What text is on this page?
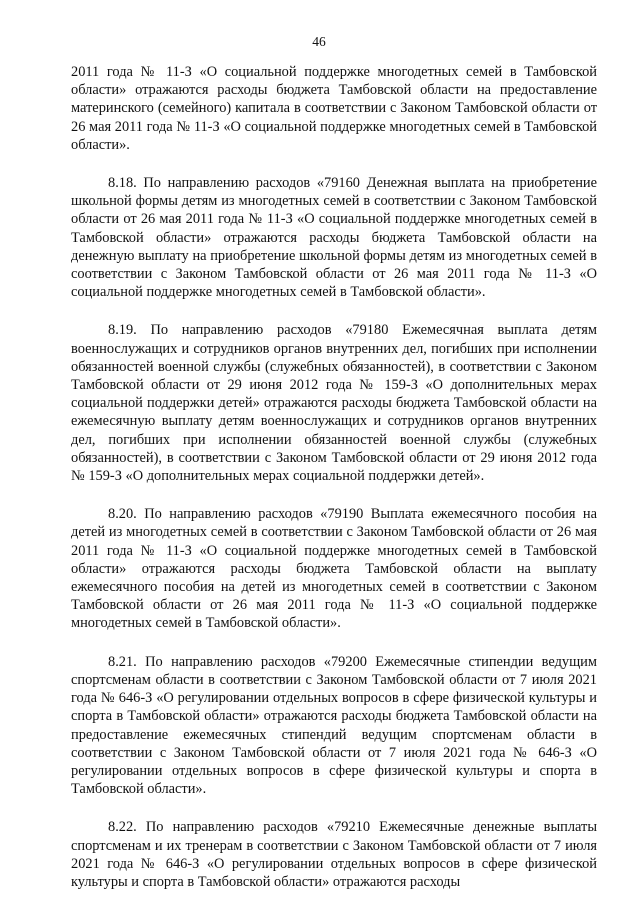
46

2011 года № 11-З «О социальной поддержке многодетных семей в Тамбовской области» отражаются расходы бюджета Тамбовской области на предоставление материнского (семейного) капитала в соответствии с Законом Тамбовской области от 26 мая 2011 года № 11-З «О социальной поддержке многодетных семей в Тамбовской области».

8.18. По направлению расходов «79160 Денежная выплата на приобретение школьной формы детям из многодетных семей в соответствии с Законом Тамбовской области от 26 мая 2011 года № 11-З «О социальной поддержке многодетных семей в Тамбовской области» отражаются расходы бюджета Тамбовской области на денежную выплату на приобретение школьной формы детям из многодетных семей в соответствии с Законом Тамбовской области от 26 мая 2011 года № 11-З «О социальной поддержке многодетных семей в Тамбовской области».

8.19. По направлению расходов «79180 Ежемесячная выплата детям военнослужащих и сотрудников органов внутренних дел, погибших при исполнении обязанностей военной службы (служебных обязанностей), в соответствии с Законом Тамбовской области от 29 июня 2012 года № 159-З «О дополнительных мерах социальной поддержки детей» отражаются расходы бюджета Тамбовской области на ежемесячную выплату детям военнослужащих и сотрудников органов внутренних дел, погибших при исполнении обязанностей военной службы (служебных обязанностей), в соответствии с Законом Тамбовской области от 29 июня 2012 года № 159-З «О дополнительных мерах социальной поддержки детей».

8.20. По направлению расходов «79190 Выплата ежемесячного пособия на детей из многодетных семей в соответствии с Законом Тамбовской области от 26 мая 2011 года № 11-З «О социальной поддержке многодетных семей в Тамбовской области» отражаются расходы бюджета Тамбовской области на выплату ежемесячного пособия на детей из многодетных семей в соответствии с Законом Тамбовской области от 26 мая 2011 года № 11-З «О социальной поддержке многодетных семей в Тамбовской области».

8.21. По направлению расходов «79200 Ежемесячные стипендии ведущим спортсменам области в соответствии с Законом Тамбовской области от 7 июля 2021 года № 646-З «О регулировании отдельных вопросов в сфере физической культуры и спорта в Тамбовской области» отражаются расходы бюджета Тамбовской области на предоставление ежемесячных стипендий ведущим спортсменам области в соответствии с Законом Тамбовской области от 7 июля 2021 года № 646-З «О регулировании отдельных вопросов в сфере физической культуры и спорта в Тамбовской области».

8.22. По направлению расходов «79210 Ежемесячные денежные выплаты спортсменам и их тренерам в соответствии с Законом Тамбовской области от 7 июля 2021 года № 646-З «О регулировании отдельных вопросов в сфере физической культуры и спорта в Тамбовской области» отражаются расходы
